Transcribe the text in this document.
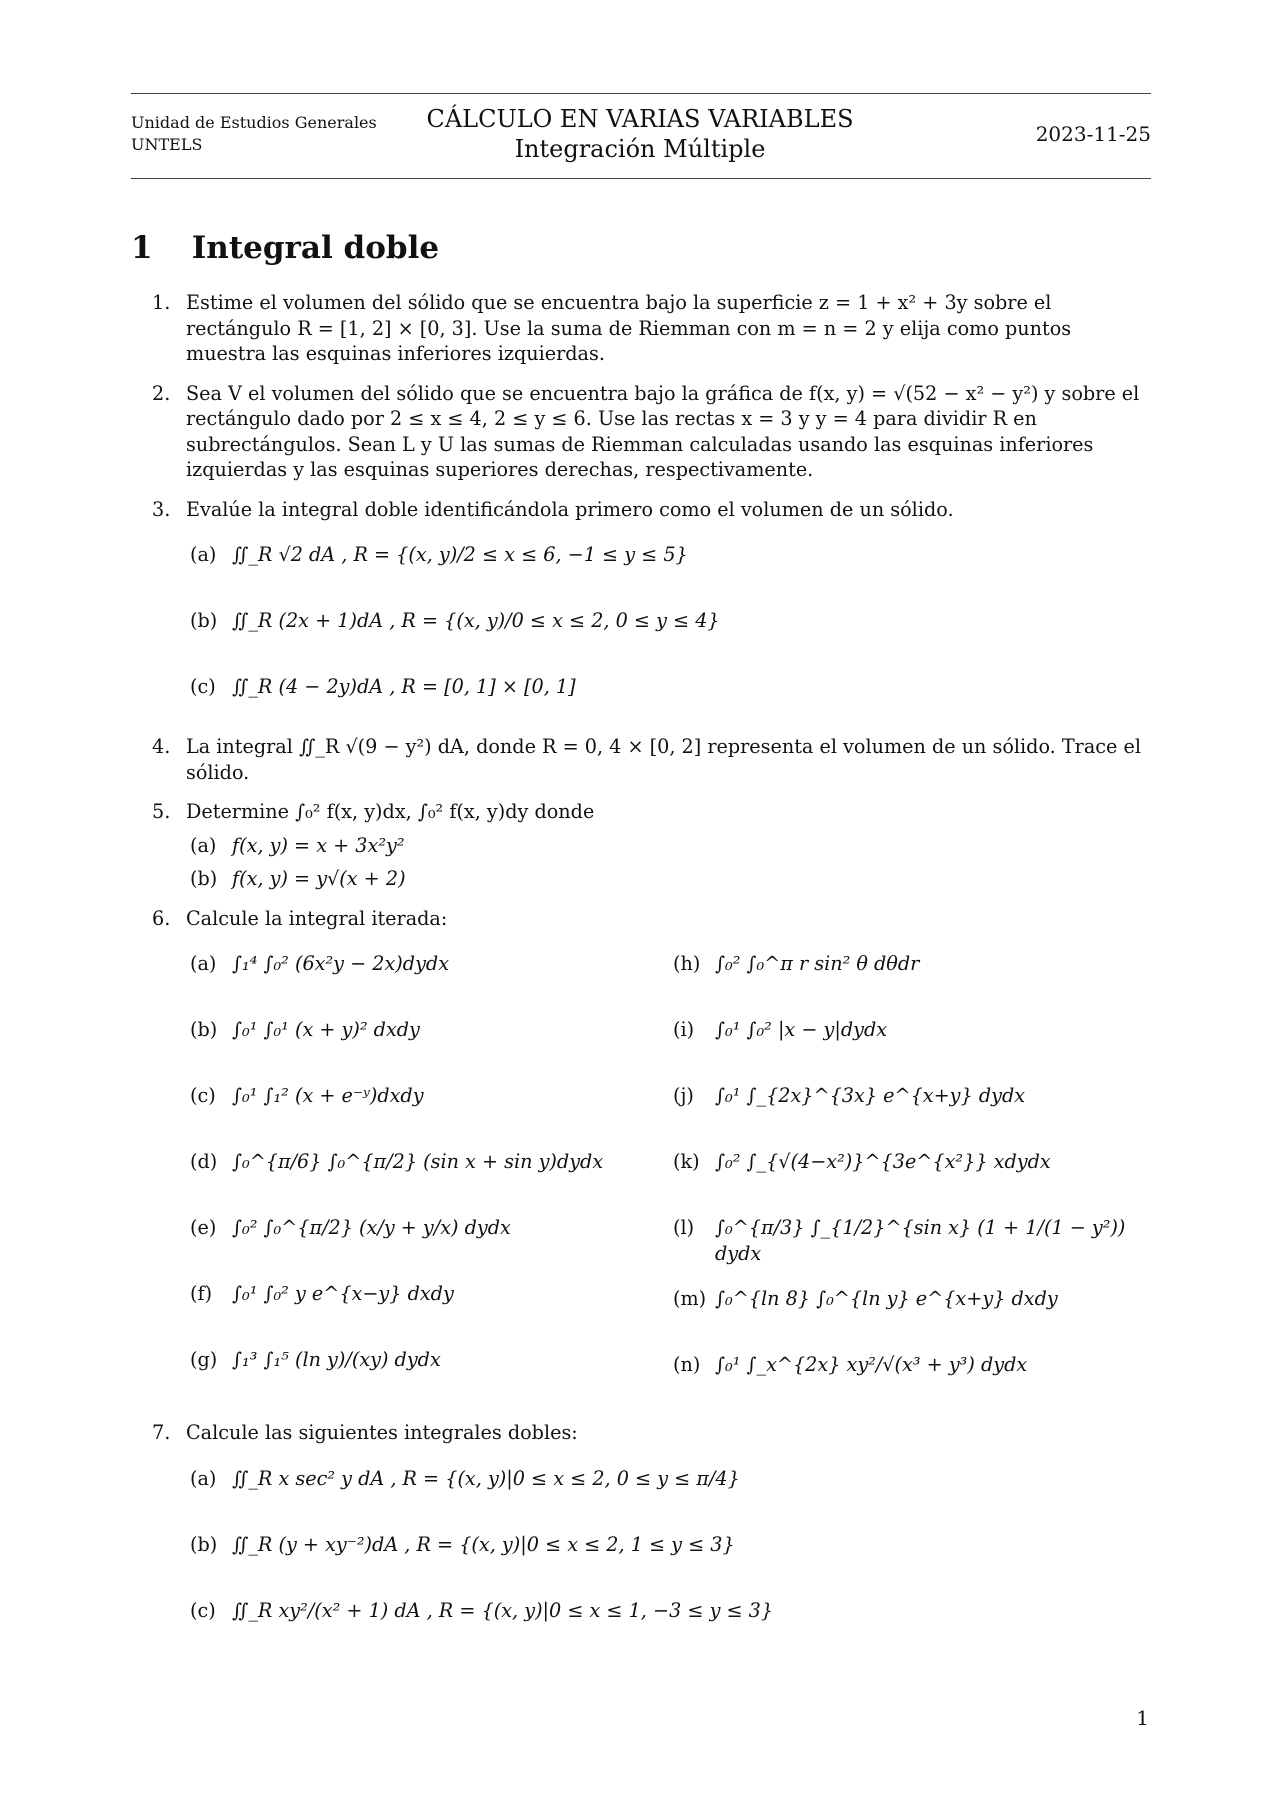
Unidad de Estudios Generales
UNTELS
CÁLCULO EN VARIAS VARIABLES
Integración Múltiple
2023-11-25
1 Integral doble
1. Estime el volumen del sólido que se encuentra bajo la superficie z = 1 + x² + 3y sobre el rectángulo R = [1, 2] × [0, 3]. Use la suma de Riemman con m = n = 2 y elija como puntos muestra las esquinas inferiores izquierdas.
2. Sea V el volumen del sólido que se encuentra bajo la gráfica de f(x, y) = √(52 − x² − y²) y sobre el rectángulo dado por 2 ≤ x ≤ 4, 2 ≤ y ≤ 6. Use las rectas x = 3 y y = 4 para dividir R en subrectángulos. Sean L y U las sumas de Riemman calculadas usando las esquinas inferiores izquierdas y las esquinas superiores derechas, respectivamente.
3. Evalúe la integral doble identificándola primero como el volumen de un sólido.
(a) ∬_R √2 dA , R = {(x, y)/2 ≤ x ≤ 6, −1 ≤ y ≤ 5}
(b) ∬_R (2x + 1)dA , R = {(x, y)/0 ≤ x ≤ 2, 0 ≤ y ≤ 4}
(c) ∬_R (4 − 2y)dA , R = [0, 1] × [0, 1]
4. La integral ∬_R √(9 − y²) dA, donde R = 0, 4 × [0, 2] representa el volumen de un sólido. Trace el sólido.
5. Determine ∫₀² f(x, y)dx, ∫₀² f(x, y)dy donde
(a) f(x, y) = x + 3x²y²
(b) f(x, y) = y√(x + 2)
6. Calcule la integral iterada:
(a) ∫₁⁴ ∫₀² (6x²y − 2x)dydx
(b) ∫₀¹ ∫₀¹ (x + y)² dxdy
(c) ∫₀¹ ∫₁² (x + e⁻ʸ)dxdy
(d) ∫₀^{π/6} ∫₀^{π/2} (sin x + sin y)dydx
(e) ∫₀² ∫₀^{π/2} (x/y + y/x) dydx
(f) ∫₀¹ ∫₀² y e^{x−y} dxdy
(g) ∫₁³ ∫₁⁵ (ln y)/(xy) dydx
(h) ∫₀² ∫₀^π r sin² θ dθdr
(i) ∫₀¹ ∫₀² |x − y|dydx
(j) ∫₀¹ ∫_{2x}^{3x} e^{x+y} dydx
(k) ∫₀² ∫_{√(4−x²)}^{3e^{x²}} xdydx
(l) ∫₀^{π/3} ∫_{1/2}^{sin x} (1 + 1/(1 − y²)) dydx
(m) ∫₀^{ln 8} ∫₀^{ln y} e^{x+y} dxdy
(n) ∫₀¹ ∫_x^{2x} xy²/√(x³ + y³) dydx
7. Calcule las siguientes integrales dobles:
(a) ∬_R x sec² y dA , R = {(x, y)|0 ≤ x ≤ 2, 0 ≤ y ≤ π/4}
(b) ∬_R (y + xy⁻²)dA , R = {(x, y)|0 ≤ x ≤ 2, 1 ≤ y ≤ 3}
(c) ∬_R xy²/(x² + 1) dA , R = {(x, y)|0 ≤ x ≤ 1, −3 ≤ y ≤ 3}
1
